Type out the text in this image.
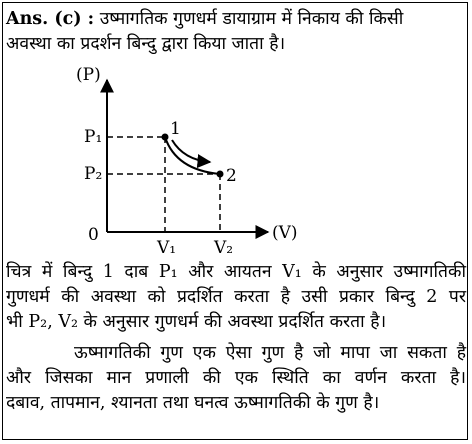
Ans. (c) : उष्मागतिक गुणधर्म डायाग्राम में निकाय की किसी
अवस्था का प्रदर्शन बिन्दु द्वारा किया जाता है।
(P)
(V)
0
P₁
P₂
V₁ V₂
1
2
चित्र में बिन्दु 1 दाब P₁ और आयतन V₁ के अनुसार उष्मागतिकी
गुणधर्म की अवस्था को प्रदर्शित करता है उसी प्रकार बिन्दु 2 पर
भी P₂, V₂ के अनुसार गुणधर्म की अवस्था प्रदर्शित करता है।
ऊष्मागतिकी गुण एक ऐसा गुण है जो मापा जा सकता है
और जिसका मान प्रणाली की एक स्थिति का वर्णन करता है।
दबाव, तापमान, श्यानता तथा घनत्व ऊष्मागतिकी के गुण है।
